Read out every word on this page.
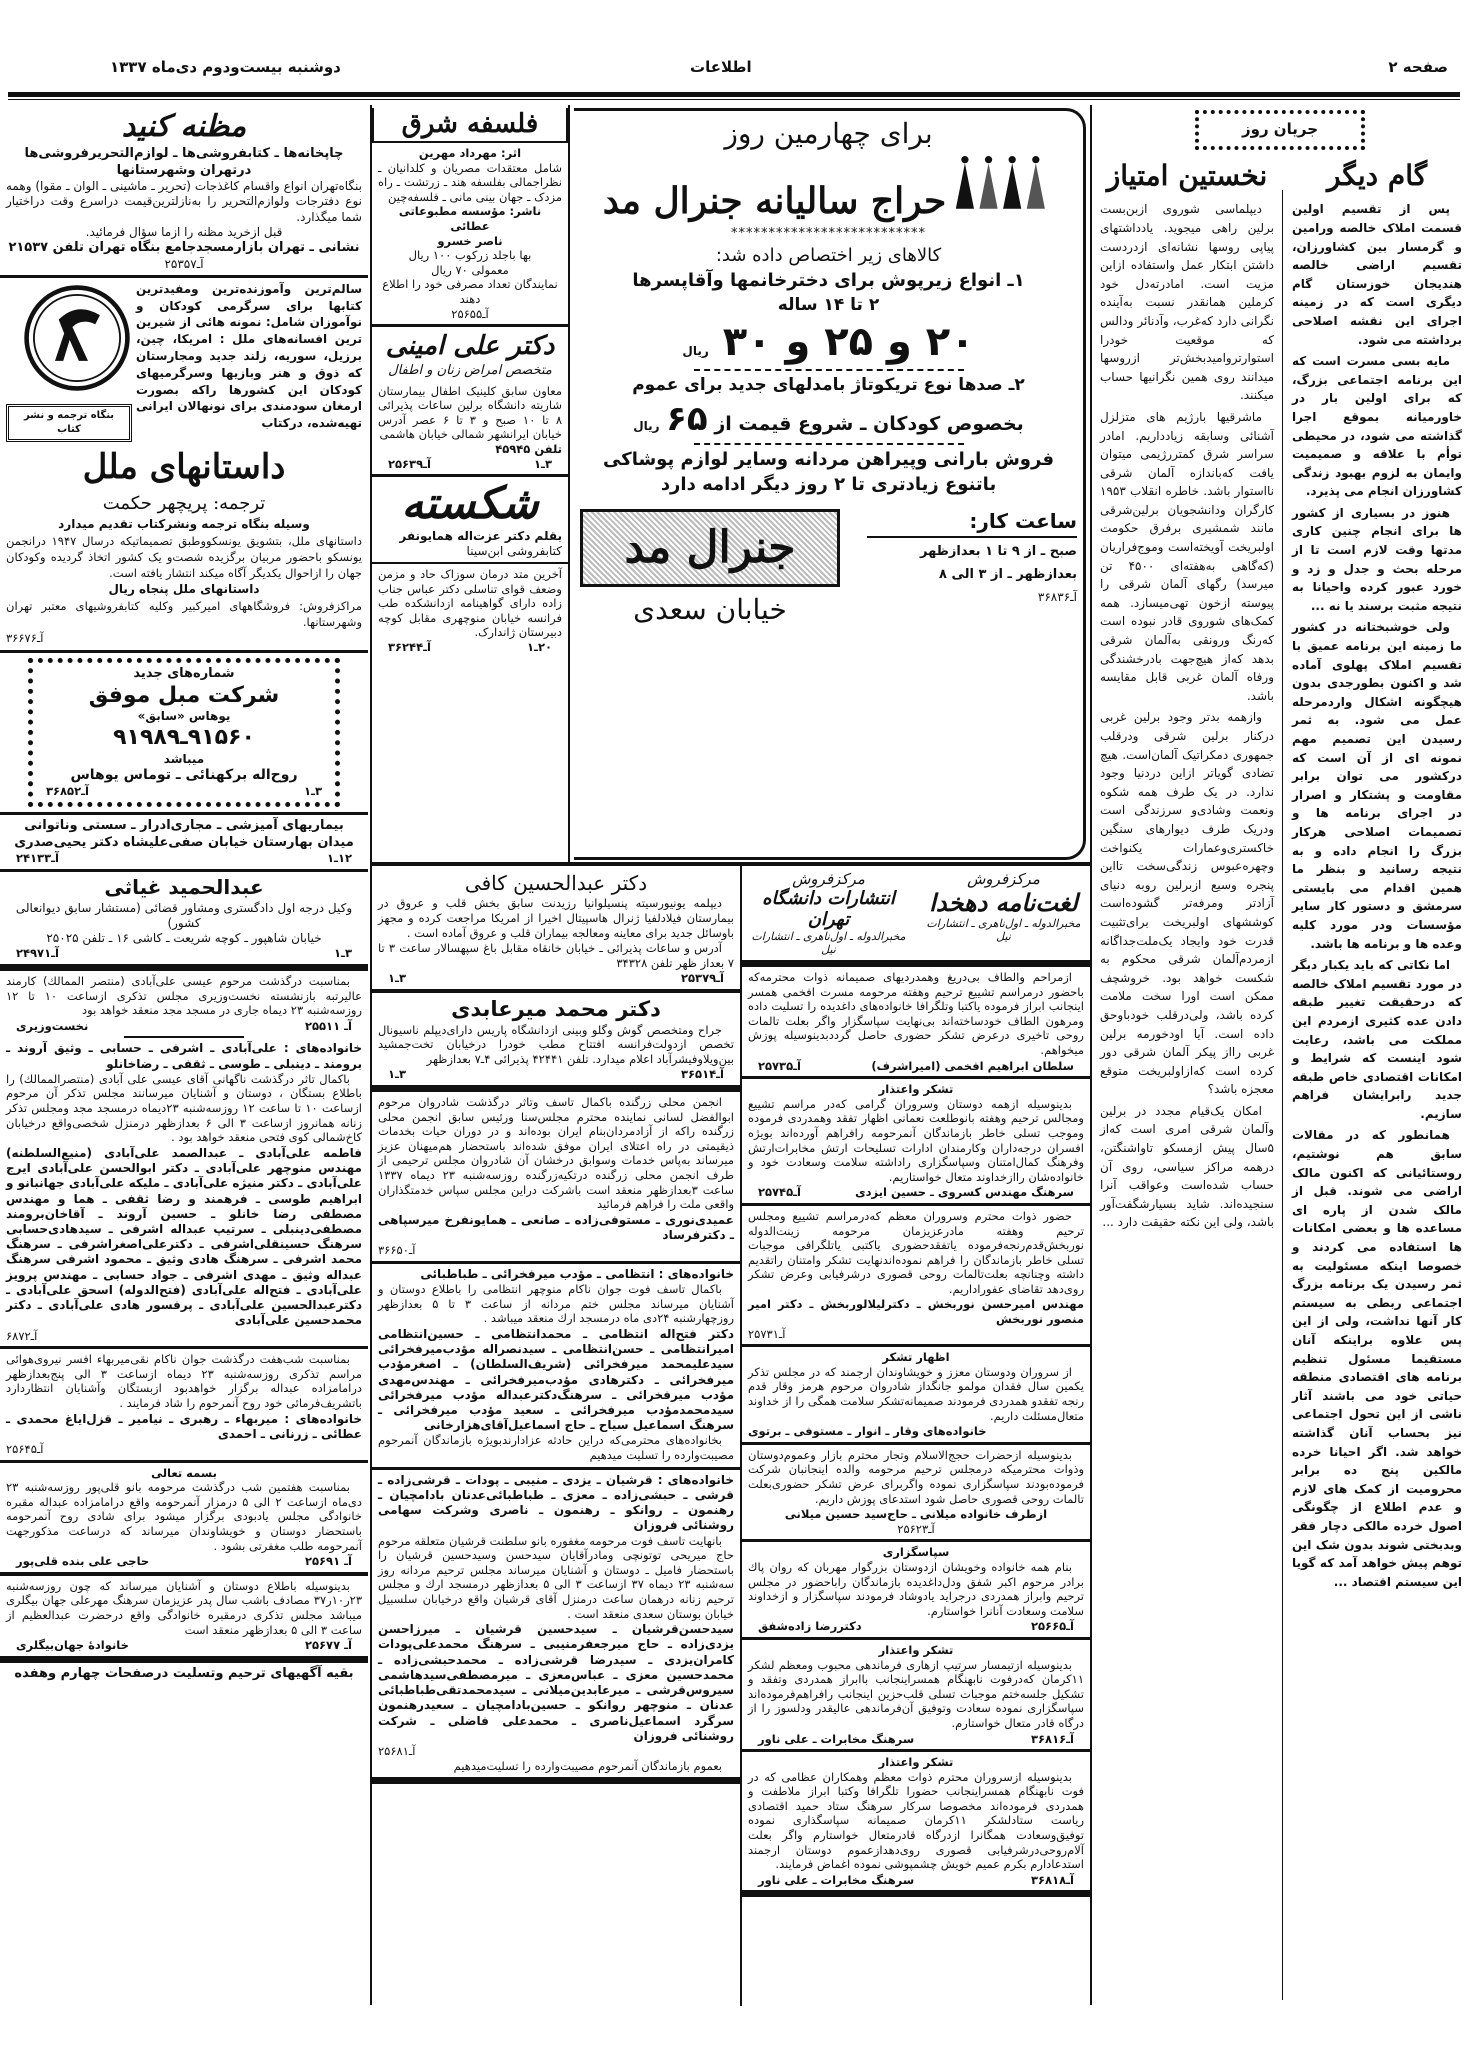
صفحه ۲
اطلاعات
دوشنبه بیست‌ودوم دی‌ماه ۱۳۳۷
جریان روز
گام دیگر

پس از تقسیم اولین قسمت املاک خالصه ورامین و گرمسار بین کشاورزان، تقسیم اراضی خالصه هندیجان خوزستان گام دیگری است که در زمینه اجرای این نقشه اصلاحی برداشته می شود.

مایه بسی مسرت است که این برنامه اجتماعی بزرگ، که برای اولین بار در خاورمیانه بموقع اجرا گذاشته می شود، در محیطی توأم با علاقه و صمیمیت وایمان به لزوم بهبود زندگی کشاورزان انجام می پذیرد.

هنوز در بسیاری از کشور ها برای انجام چنین کاری مدتها وقت لازم است تا از مرحله بحث و جدل و زد و خورد عبور کرده واحیانا به نتیجه مثبت برسند یا نه ...

ولی خوشبختانه در کشور ما زمینه این برنامه عمیق با تقسیم املاک پهلوی آماده شد و اکنون بطورجدی بدون هیچگونه اشکال واردمرحله عمل می شود. به ثمر رسیدن این تصمیم مهم نمونه ای از آن است که درکشور می توان برابر مقاومت و پشتکار و اصرار در اجرای برنامه ها و تصمیمات اصلاحی هرکار بزرگ را انجام داده و به نتیجه رسانید و بنظر ما همین اقدام می بایستی سرمشق و دستور کار سایر مؤسسات ودر مورد کلیه وعده ها و برنامه ها باشد.

اما نکاتی که باید یکبار دیگر در مورد تقسیم املاک خالصه که درحقیقت تغییر طبقه دادن عده کثیری ازمردم این مملکت می باشد، رعایت شود اینست که شرایط و امکانات اقتصادی خاص طبقه جدید رابرایشان فراهم سازیم.

همانطور که در مقالات سابق هم نوشتیم، روستائیانی که اکنون مالک اراضی می شوند. قبل از مالک شدن از پاره ای مساعده ها و بعضی امکانات ها استفاده می کردند و خصوصا اینکه مسئولیت به ثمر رسیدن یک برنامه بزرگ اجتماعی ربطی به سیستم کار آنها نداشت، ولی از این پس علاوه براینکه آنان مستقیما مسئول تنظیم برنامه های اقتصادی منطقه حیاتی خود می باشند آثار ناشی از این تحول اجتماعی نیز بحساب آنان گذاشته خواهد شد. اگر احیانا خرده مالکین پنج ده برابر محرومیت از کمک های لازم و عدم اطلاع از چگونگی اصول خرده مالکی دچار فقر وبدبختی شوند بدون شک این توهم پیش خواهد آمد که گویا این سیستم اقتصاد ...

نخستین امتیاز

دیپلماسی شوروی ازبن‌بست برلین راهی میجوید. یادداشتهای پیاپی روسها نشانه‌ای ازدردست داشتن ابتکار عمل واستفاده ازاین مزیت است. امادرته‌دل خود کرملین همانقدر نسبت به‌آینده نگرانی دارد که‌غرب، وآدنائر ودالس که موقعیت خودرا استوارتروامیدبخش‌تر ازروسها میدانند روی همین نگرانیها حساب میکنند.

ماشرقیها بارژیم های متزلزل آشنائی وسابقه زیادداریم. امادر سراسر شرق کمتررژیمی میتوان یافت که‌باندازه آلمان شرقی نااستوار باشد. خاطره انقلاب ۱۹۵۳ کارگران ودانشجویان برلین‌شرقی مانند شمشیری برفرق حکومت اولبریخت آویخته‌است وموج‌فراریان (که‌گاهی به‌هفته‌ای ۴۵۰۰ تن میرسد) رگهای آلمان شرقی را پیوسته ازخون تهی‌میسازد. همه کمک‌های شوروی قادر نبوده است که‌رنگ ورونقی به‌آلمان شرقی بدهد که‌از هیچ‌جهت بادرخشندگی ورفاه آلمان غربی قابل مقایسه باشد.

وازهمه بدتر وجود برلین غربی درکنار برلین شرقی ودرقلب جمهوری دمکراتیک آلمان‌است. هیچ تضادی گویاتر ازاین دردنیا وجود ندارد. در یک طرف همه شکوه ونعمت وشادی‌و سرزندگی است ودریک طرف دیوارهای سنگین خاکستری‌وعمارات یکنواخت وچهره‌عبوس زندگی‌سخت تااین پنجره وسیع ازبرلین روبه دنیای آزادتر ومرفه‌تر گشوده‌است کوششهای اولبریخت برای‌تثبیت قدرت خود وایجاد یک‌ملت‌جداگانه ازمردم‌آلمان شرقی محکوم به شکست خواهد بود. خروشچف ممکن است اورا سخت ملامت کرده باشد، ولی‌درقلب خودباوحق داده است. آیا اودخورمه برلین غربی رااز پیکر آلمان شرقی دور کرده است که‌ازاولبریخت متوقع معجزه باشد؟

امکان یک‌قیام مجدد در برلین وآلمان شرقی امری است که‌از ۵سال پیش ازمسکو تاواشنگتن، درهمه مراکز سیاسی، روی آن حساب شده‌است وعواقب آنرا سنجیده‌اند. شاید بسیارشگفت‌آور باشد، ولی این نکته حقیقت دارد ...

برای چهارمین روز
حراج سالیانه جنرال مد
**************************
کالاهای زیر اختصاص داده شد:
۱ـ انواع زیرپوش برای دخترخانمها وآقاپسرها
۲ تا ۱۴ ساله
۲۰ و ۲۵ و ۳۰ ریال
۲ـ صدها نوع تریکوتاژ بامدلهای جدید برای عموم
بخصوص کودکان ـ شروع قیمت از ۶۵ ریال
فروش بارانی وپیراهن مردانه وسایر لوازم پوشاکی
باتنوع زیادتری تا ۲ روز دیگر ادامه دارد
ساعت کار:
صبح ـ از ۹ تا ۱ بعدازظهر
بعدازظهر ـ از ۳ الی ۸
آ‌ـ۳۶۸۳۶
جنرال مد
خیابان سعدی
فلسفه شرق
اثر: مهرداد مهرین
شامل معتقدات مصریان و کلدانیان ـ نظراجمالی بفلسفه هند ـ زرتشت ـ راه مزدک ـ جهان بینی مانی ـ فلسفه‌چین
ناشر: مؤسسه مطبوعاتی عطائی
ناصر خسرو
بها باجلد زرکوب ۱۰۰ ریال
معمولی ۷۰ ریال
نمایندگان تعداد مصرفی خود را اطلاع دهند
آ‌ـ۲۵۶۵۵
دکتر علی امینی
متخصص امراض زنان و اطفال
معاون سابق کلینیک اطفال بیمارستان شاریته دانشگاه برلین ساعات پذیرائی ۸ تا ۱۰ صبح و ۳ تا ۶ عصر آدرس خیابان ایرانشهر شمالی خیابان هاشمی
تلفن ۴۵۹۴۵
۳ـ۱
آ‌ـ۲۵۶۳۹
شکسته
بقلم دکتر عزت‌اله همایونفر
کتابفروشی ابن‌سینا
آخرین متد درمان سوزاک حاد و مزمن وضعف قوای تناسلی دکتر عباس جناب زاده دارای گواهینامه ازدانشکده طب فرانسه خیابان منوچهری مقابل کوچه دبیرستان ژاندارک.
۲۰ـ۱
آ‌ـ۳۶۲۴۴
مظنه کنید
چاپخانه‌ها ـ کتابفروشی‌ها ـ لوازم‌التحریرفروشی‌ها درتهران وشهرستانها
بنگاه‌تهران انواع واقسام کاغذجات (تحریر ـ ماشینی ـ الوان ـ مقوا) وهمه نوع دفترجات ولوازم‌التحریر را به‌نازلترین‌قیمت دراسرع وقت دراختیار شما میگذارد.
قبل ازخرید مظنه را ازما سؤال فرمائید.
نشانی ـ تهران بازارمسجدجامع بنگاه تهران تلفن ۲۱۵۳۷
آ‌ـ۲۵۳۵۷
بنگاه ترجمه و نشر کتاب
سالم‌ترین وآموزنده‌ترین ومفیدترین کتابها برای سرگرمی کودکان و نوآموزان شامل: نمونه هائی از شیرین ترین افسانه‌های ملل : امریکا، چین، برزیل، سوریه، زلند جدید ومجارستان که ذوق و هنر وبازیها وسرگرمیهای کودکان این کشورها راکه بصورت ارمغان سودمندی برای نونهالان ایرانی تهیه‌شده، درکتاب
داستانهای ملل
ترجمه: پریچهر حکمت
وسیله بنگاه ترجمه ونشرکتاب تقدیم میدارد
داستانهای ملل، بتشویق یونسکووطبق تصمیماتیکه درسال ۱۹۴۷ درانجمن یونسکو باحضور مربیان برگزیده شصت‌و یک کشور اتخاذ گردیده وکودکان جهان را ازاحوال یکدیگر آگاه میکند انتشار یافته است.
داستانهای ملل پنجاه ریال
مراکزفروش: فروشگاههای امیرکبیر وکلیه کتابفروشیهای معتبر تهران وشهرستانها.
آ‌ـ۳۶۶۷۶
شماره‌های جدید
شرکت مبل موفق
یوهاس «سابق»
۹۱۵۶۰ـ۹۱۹۸۹
میباشد
روح‌اله برکهنائی ـ توماس یوهاس
۳ـ۱
آ‌ـ۳۶۸۵۲
بیماریهای آمیزشی ـ مجاری‌ادرار ـ سستی وناتوانی
میدان بهارستان خیابان صفی‌علیشاه دکتر یحیی‌صدری
۱۲ـ۱
آ‌ـ۲۴۱۳۳
عبدالحمید غیاثی
وکیل درجه اول دادگستری ومشاور قضائی (مستشار سابق دیوانعالی کشور)
خیابان شاهپور ـ کوچه شریعت ـ کاشی ۱۶ ـ تلفن ۲۵۰۲۵
۳ـ۱
آ‌ـ۲۴۹۷۱

بمناسبت درگذشت مرحوم عیسی علی‌آبادی (منتصر الممالك) کارمند عالیرتبه بازنشسته نخست‌وزیری مجلس تذکری ازساعت ۱۰ تا ۱۲ روزسه‌شنبه ۲۳ دیماه جاری در مسجد مجد منعقد خواهد بود

آ‌ـ ۲۵۵۱۱
نخست‌وزیری
خانواده‌های : علی‌آبادی ـ اشرفی ـ حسابی ـ وثیق آروند ـ برومند ـ دینبلی ـ طوسی ـ ثقفی ـ رضاخانلو

باکمال تاثر درگذشت ناگهانی آقای عیسی علی آبادی (منتصرالممالك) را باطلاع بستگان ، دوستان و آشنایان میرسانند مجلس تذکر آن مرحوم ازساعت ۱۰ تا ساعت ۱۲ روزسه‌شنبه ۲۳دیماه درمسجد مجد ومجلس تذکر زنانه همانروز ازساعت ۳ الی ۶ بعدازظهر درمنزل شخصی‌واقع درخیابان کاخ‌شمالی کوی فتحی منعقد خواهد بود .

فاطمه علی‌آبادی ـ عبدالصمد علی‌آبادی (منیع‌السلطنه) مهندس منوچهر علی‌آبادی ـ دکتر ابوالحسن علی‌آبادی ایرج علی‌آبادی ـ دکتر منیژه علی‌آبادی ـ ملیکه علی‌آبادی جهانبانو و ابراهیم طوسی ـ فرهمند و رضا ثقفی ـ هما و مهندس مصطفی رضا خانلو ـ حسین آروند ـ آقاخان‌برومند مصطفی‌دینبلی ـ سرتیپ عبداله اشرفی ـ سیدهادی‌حسابی سرهنگ حسینقلی‌اشرفی ـ دکترعلی‌اصغراشرفی ـ سرهنگ محمد اشرفی ـ سرهنگ هادی وثیق ـ محمود اشرفی سرهنگ عبداله وثیق ـ مهدی اشرفی ـ جواد حسابی ـ مهندس پرویز علی‌آبادی ـ فتح‌اله علی‌آبادی (فتح‌الدوله) اسحق علی‌آبادی ـ دکترعبدالحسین علی‌آبادی ـ پرفسور هادی علی‌آبادی ـ دکتر محمدحسین علی‌آبادی
آ‌ـ۶۸۷۲

بمناسبت شب‌هفت درگذشت جوان ناکام نقی‌میربهاء افسر نیروی‌هوائی مراسم تذکری روزسه‌شنبه ۲۳ دیماه ازساعت ۳ الی پنج‌بعدازظهر درامامزاده عبداله برگزار خواهدبود ازبستگان وآشنایان انتظاردارد باتشریف‌فرمائی خود روح آنمرحوم را شاد فرمایند .

خانواده‌های : میربهاء ـ رهبری ـ نیامیر ـ قزل‌ایاغ محمدی ـ عطائی ـ زرنانی ـ احمدی
آ‌ـ۲۵۶۴۵
بسمه تعالی

بمناسبت هفتمین شب درگذشت مرحومه بانو قلی‌پور روزسه‌شنبه ۲۳ دی‌ماه ازساعت ۲ الی ۵ درمزار آنمرحومه واقع درامامزاده عبداله مقبره خانوادگی مجلس یادبودی برگزار میشود برای شادی روح آنمرحومه باستحضار دوستان و خویشاوندان میرساند که درساعت مذکورجهت آنمرحومه طلب مغفرتی بشود .

آ‌ـ ۲۵۶۹۱
حاجی علی بنده قلی‌پور

بدینوسیله باطلاع دوستان و آشنایان میرساند که چون روزسه‌شنبه ۲۳ر۱۰ر۳۷ مصادف باشب سال پدر عزیزمان سرهنگ مهرعلی جهان بیگلری میباشد مجلس تذکری درمقبره خانوادگی واقع درحضرت عبدالعظیم از ساعت ۳ الی ۵ بعدازظهر منعقد است

آ‌ـ ۲۵۶۷۷
خانوادهٔ جهان‌بیگلری
بقیه آگهیهای ترحیم وتسلیت درصفحات چهارم وهفده
دکتر عبدالحسین کافی

دیپلمه یونیورسیته پنسیلوانیا رزیدنت سابق بخش قلب و عروق در بیمارستان فیلادلفیا ژنرال هاسپیتال اخیرا از امریکا مراجعت کرده و مجهز باوسائل جدید برای معاینه ومعالجه بیماران قلب و عروق آماده است .

آدرس و ساعات پذیرائی ـ خیابان خانقاه مقابل باغ سپهسالار ساعت ۳ تا ۷ بعداز ظهر تلفن ۳۴۳۲۸

آ‌ـ۲۵۳۷۹
۳ـ۱
دکتر محمد میرعابدی

جراح ومتخصص گوش وگلو وبینی ازدانشگاه پاریس دارای‌دیپلم ناسیونال تخصص ازدولت‌فرانسه افتتاح مطب خودرا درخیابان تخت‌جمشید بین‌ویلاوفیشرآباد اعلام میدارد. تلفن ۴۲۴۴۱ پذیرائی ۴ـ۷ بعدازظهر

آ‌ـ۳۶۵۱۴
۳ـ۱

انجمن محلی زرگنده باکمال تاسف وتاثر درگذشت شادروان مرحوم ابوالفضل لسانی نماینده محترم مجلس‌سنا ورئیس سابق انجمن محلی زرگنده راکه از آزادمردان‌بنام ایران بوده‌اند و در دوران حیات بخدمات ذیقیمتی در راه اعتلای ایران موفق شده‌اند باستحضار هم‌میهنان عزیز میرساند به‌پاس خدمات وسوابق درخشان آن شادروان مجلس ترحیمی از طرف انجمن محلی زرگنده درتکیه‌زرگنده روزسه‌شنبه ۲۳ دیماه ۱۳۳۷ ساعت ۳بعدازظهر منعقد است باشرکت دراین مجلس سپاس خدمتگذاران واقعی ملت را فراهم فرمائید

عمیدی‌نوری ـ مستوفی‌زاده ـ صانعی ـ همایونفرخ میرسپاهی ـ دکترفرساد
آ‌ـ۳۶۶۵۰
خانواده‌های : انتظامی ـ مؤدب میرفخرائی ـ طباطبائی

باکمال تاسف فوت جوان ناکام منوچهر انتظامی را باطلاع دوستان و آشنایان میرساند مجلس ختم مردانه از ساعت ۳ تا ۵ بعدازظهر روزچهارشنبه ۲۴دی ماه درمسجد ارك منعقد میباشد .

دکتر فتح‌اله انتظامی ـ محمدانتظامی ـ حسین‌انتظامی امیرانتظامی ـ حسن‌انتظامی ـ سیدنصراله مؤدب‌میرفخرائی سیدعلیمحمد میرفخرائی (شریف‌السلطان) ـ اصغرمؤدب میرفخرائی ـ دکترهادی مؤدب‌میرفخرائی ـ مهندس‌مهدی مؤدب میرفخرائی ـ سرهنگ‌دکترعبداله مؤدب میرفخرائی سیدمحمدمؤدب میرفخرائی ـ سعید مؤدب میرفخرائی ـ سرهنگ اسماعیل سیاح ـ حاج اسماعیل‌آقای‌هزارخانی

بخانواده‌های محترمی‌که دراین حادثه عزادارندبویژه بازماندگان آنمرحوم مصیبت‌وارده را تسلیت میدهیم

خانواده‌های : قرشیان ـ یزدی ـ منیبی ـ پودات ـ قرشی‌زاده ـ قرشی ـ حبشی‌زاده ـ معزی ـ طباطبائی‌عدنان بادامچیان ـ رهنمون ـ روانکو ـ رهنمون ـ ناصری وشرکت سهامی روشنائی فروزان

بانهایت تاسف فوت مرحومه مغفوره بانو سلطنت قرشیان متعلقه مرحوم حاج میریحی توتونچی ومادرآقایان سیدحسن وسیدحسین قرشیان را باستحضار فامیل ـ دوستان و آشنایان میرساند مجلس ترحیم مردانه روز سه‌شنبه ۲۳ دیماه ۳۷ ازساعت ۳ الی ۵ بعدازظهر درمسجد ارك و مجلس ترحیم زنانه درهمان ساعت درمنزل آقای قرشیان واقع درخیابان سلسبیل خیابان بوستان سعدی منعقد است .

سیدحسن‌قرشیان ـ سیدحسین قرشیان ـ میرزاحسن یزدی‌زاده ـ حاج میرجعفرمنیبی ـ سرهنگ محمدعلی‌پودات کامران‌یزدی ـ سیدرضا قرشی‌زاده ـ محمدحبشی‌زاده ـ محمدحسین معزی ـ عباس‌معزی ـ میرمصطفی‌سیدهاشمی سیروس‌قرشی ـ میرعابدین‌میلانی ـ سیدمحمدتقی‌طباطبائی عدنان ـ منوچهر روانکو ـ حسین‌بادامچیان ـ سعیدرهنمون سرگرد اسماعیل‌ناصری ـ محمدعلی فاضلی ـ شرکت روشنائی فروزان
آ‌ـ۲۵۶۸۱

بعموم بازماندگان آنمرحوم مصیبت‌وارده را تسلیت‌میدهیم

مرکزفروش
لغت‌نامه دهخدا
مخبرالدوله ـ اول‌ناهری ـ انتشارات نیل
مرکزفروش
انتشارات دانشگاه تهران
مخبرالدوله ـ اول‌ناهری ـ انتشارات نیل

ازمراحم والطاف بی‌دریغ وهمدردیهای صمیمانه ذوات محترمه‌که باحضور درمراسم تشییع ترحیم وهفته مرحومه مسرت افخمی همسر اینجانب ابراز فرموده یاکتبا وتلگرافا خانواده‌های داغدیده را تسلیت داده ومرهون الطاف خودساخته‌اند بی‌نهایت سپاسگزار واگر بعلت تالمات روحی تاخیری درعرض تشکر حضوری حاصل گرددبدینوسیله پوزش میخواهم.

سلطان ابراهیم افخمی (امیراشرف)
آ‌ـ۲۵۷۳۵
تشکر واعتذار

بدینوسیله ازهمه دوستان وسروران گرامی که‌در مراسم تشییع ومجالس ترحیم وهفته بانوطلعت نعمانی اظهار تفقد وهمدردی فرموده وموجب تسلی خاطر بازماندگان آنمرحومه رافراهم آورده‌اند بویژه افسران درجه‌داران وکارمندان ادارات تسلیحات ارتش مخابرات‌ارتش وفرهنگ کمال‌امتنان وسپاسگزاری راداشته سلامت وسعادت خود و خانواده‌شان راازخداوند متعال خواستاریم.

سرهنگ مهندس کسروی ـ حسین ایزدی
آ‌ـ۲۵۷۴۵

حضور ذوات محترم وسروران معظم که‌درمراسم تشییع ومجلس ترحیم وهفته مادرعزیزمان مرحومه زینت‌الدوله نوربخش‌قدم‌رنجه‌فرموده یاتفقدحضوری یاکتبی یاتلگرافی موجبات تسلی خاطر بازماندگان را فراهم نموده‌اندنهایت تشکر وامتنان راتقدیم داشته وچنانچه بعلت‌تالمات روحی قصوری درشرفیابی وعرض تشکر روی‌دهد تقاضای عفوراداریم.

مهندس امیرحسن نوربخش ـ دکترلیلالوربخش ـ دکتر امیر منصور نوربخش
آ‌ـ۲۵۷۳۱
اظهار تشکر

از سروران ودوستان معزز و خویشاوندان ارجمند که در مجلس تذکر یکمین سال فقدان مولمو جانگداز شادروان مرحوم هرمز وقار قدم رنجه تفقدو همدردی فرمودند صمیمانه‌تشکر سلامت همگی را از خداوند متعال‌مسئلت داریم.

خانواده‌های وقار ـ انوار ـ مستوفی ـ برتوی

بدینوسیله ازحضرات حجج‌الاسلام وتجار محترم بازار وعموم‌دوستان وذوات محترمیکه درمجلس ترحیم مرحومه والده اینجانبان شرکت فرموده‌بودند سپاسگزاری نموده واگربرای عرض تشکر حضوری‌بعلت تالمات روحی قصوری حاصل شود استدعای پوزش داریم.

ازطرف خانواده میلانی ـ حاج‌سید حسین میلانی
آ‌ـ۲۵۶۲۳
سپاسگزاری

بنام همه خانواده وخویشان ازدوستان بزرگوار مهربان که روان پاك برادر مرحوم اکبر شفق ودل‌داغدیده بازماندگان رابا‌حضور در مجلس ترحیم وابراز همدردی درجراید یادوشاد فرمودند سپاسگزار و ازخداوند سلامت وسعادت آنانرا خواستارم.

آ‌ـ۲۵۶۶۵
دکتررضا زاده‌شفق
تشکر واعتذار

بدینوسیله ازتیمسار سرتیپ ازهاری فرماندهی محبوب ومعظم لشکر ۱۱کرمان که‌درفوت نابهنگام همسراینجانب باابراز همدردی وتفقد و تشکیل جلسه‌ختم موجبات تسلی قلب‌حزین اینجانب رافراهم‌فرموده‌اند سپاسگزاری نموده سعادت وتوفیق آن‌فرماندهی عالیقدر ودلسوز را از درگاه قادر متعال خواستارم.

آ‌ـ۳۶۸۱۶
سرهنگ مخابرات ـ علی ناور
تشکر واعتذار

بدینوسیله ازسروران محترم ذوات معظم وهمکاران عظامی که در فوت نابهنگام همسراینجانب حضورا تلگرافا وکتبا ابراز ملاطفت و همدردی فرموده‌اند مخصوصا سرکار سرهنگ ستاد حمید اقتصادی ریاست ستادلشکر ۱۱کرمان صمیمانه سپاسگذاری نموده توفیق‌وسعادت همگانرا ازدرگاه قادرمتعال خواستارم واگر بعلت آلام‌روحی‌درشرفیابی قصوری روی‌دهدازعموم دوستان ارجمند استدعادارم بکرم عمیم خویش چشمپوشی نموده اغماض فرمایند.

آ‌ـ۳۶۸۱۸
سرهنگ مخابرات ـ علی ناور
